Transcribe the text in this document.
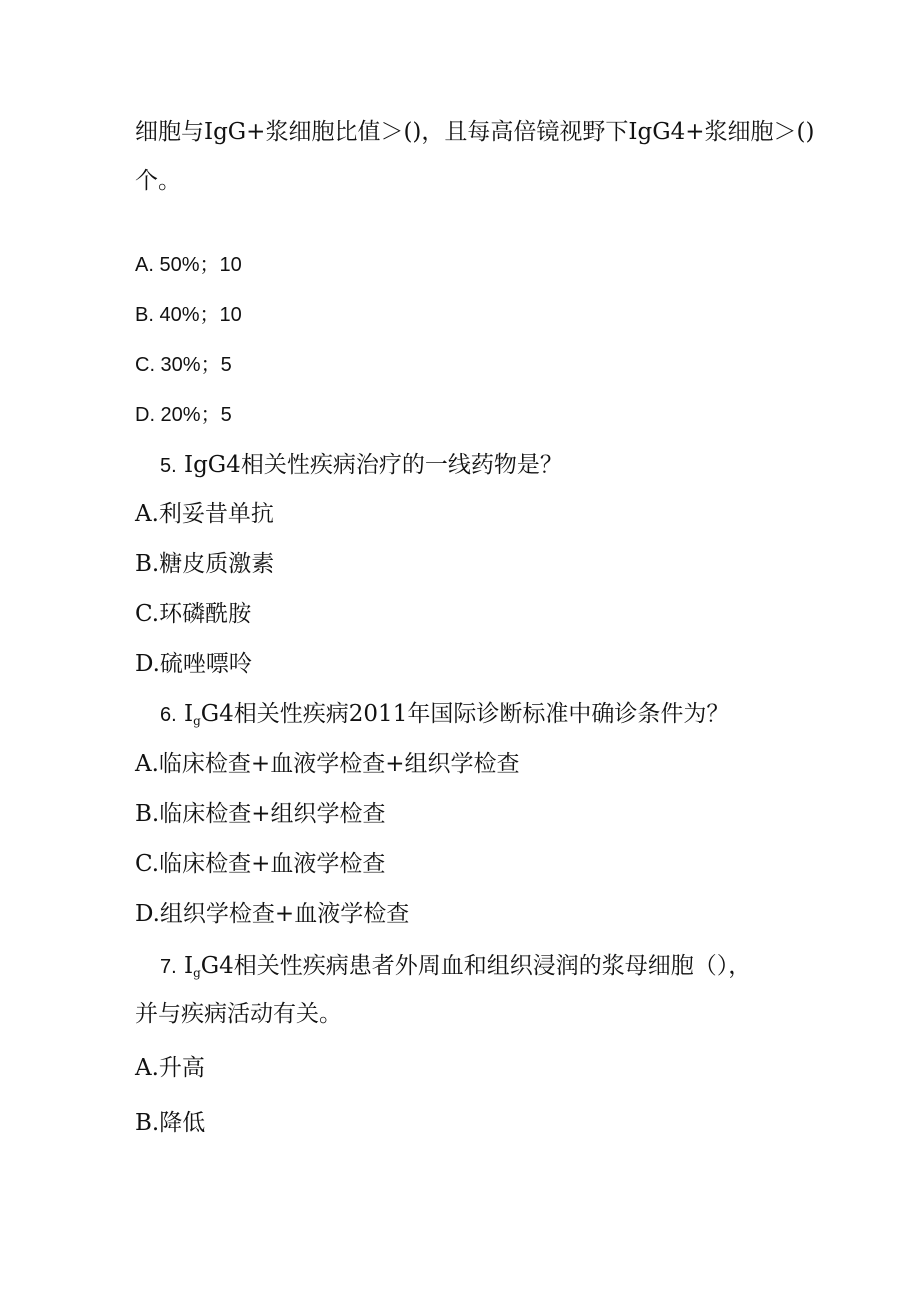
细胞与IgG+浆细胞比值＞()，且每高倍镜视野下IgG4+浆细胞＞()
个。
A. 50%；10
B. 40%；10
C. 30%；5
D. 20%；5
5. IgG4相关性疾病治疗的一线药物是？
A.利妥昔单抗
B.糖皮质激素
C.环磷酰胺
D.硫唑嘌呤
6. IgG4相关性疾病2011年国际诊断标准中确诊条件为？
A.临床检查+血液学检查+组织学检查
B.临床检查+组织学检查
C.临床检查+血液学检查
D.组织学检查+血液学检查
7. IgG4相关性疾病患者外周血和组织浸润的浆母细胞（），
并与疾病活动有关。
A.升高
B.降低
